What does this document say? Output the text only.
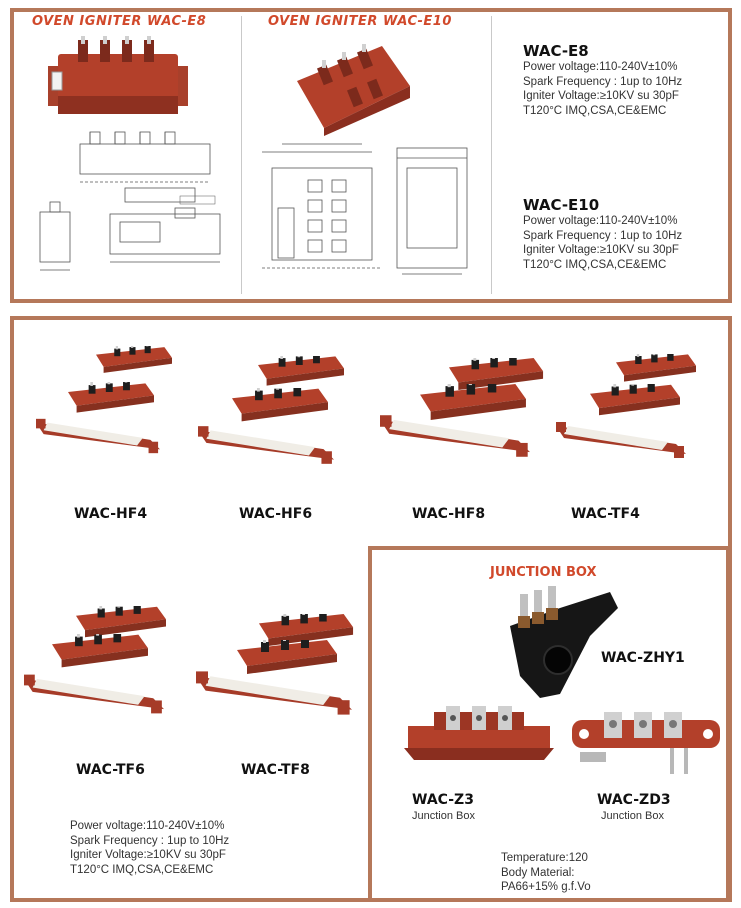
OVEN IGNITER WAC-E8	OVEN IGNITER WAC-E10
WAC-E8
Power voltage:110-240V±10%
Spark Frequency : 1up to 10Hz
Igniter Voltage:≥10KV su 30pF
T120°C IMQ,CSA,CE&EMC
WAC-E10
Power voltage:110-240V±10%
Spark Frequency : 1up to 10Hz
Igniter Voltage:≥10KV su 30pF
T120°C IMQ,CSA,CE&EMC
WAC-HF4	WAC-HF6	WAC-HF8	WAC-TF4
WAC-TF6	WAC-TF8
Power voltage:110-240V±10%
Spark Frequency : 1up to 10Hz
Igniter Voltage:≥10KV su 30pF
T120°C IMQ,CSA,CE&EMC
JUNCTION BOX
WAC-ZHY1
WAC-Z3
Junction Box
WAC-ZD3
Junction Box
Temperature:120
Body Material:
PA66+15% g.f.Vo
